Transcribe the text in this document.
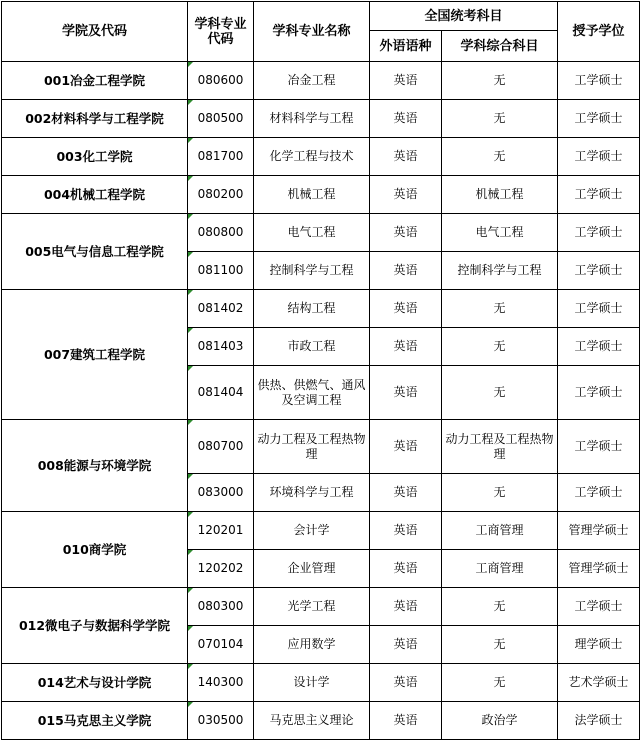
学院及代码	学科专业代码	学科专业名称	全国统考科目		授予学位
			外语语种	学科综合科目	
001冶金工程学院	080600	冶金工程	英语	无	工学硕士
002材料科学与工程学院	080500	材料科学与工程	英语	无	工学硕士
003化工学院	081700	化学工程与技术	英语	无	工学硕士
004机械工程学院	080200	机械工程	英语	机械工程	工学硕士
005电气与信息工程学院	080800	电气工程	英语	电气工程	工学硕士
	081100	控制科学与工程	英语	控制科学与工程	工学硕士
007建筑工程学院	081402	结构工程	英语	无	工学硕士
	081403	市政工程	英语	无	工学硕士
	081404	供热、供燃气、通风及空调工程	英语	无	工学硕士
008能源与环境学院	080700	动力工程及工程热物理	英语	动力工程及工程热物理	工学硕士
	083000	环境科学与工程	英语	无	工学硕士
010商学院	120201	会计学	英语	工商管理	管理学硕士
	120202	企业管理	英语	工商管理	管理学硕士
012微电子与数据科学学院	080300	光学工程	英语	无	工学硕士
	070104	应用数学	英语	无	理学硕士
014艺术与设计学院	140300	设计学	英语	无	艺术学硕士
015马克思主义学院	030500	马克思主义理论	英语	政治学	法学硕士
